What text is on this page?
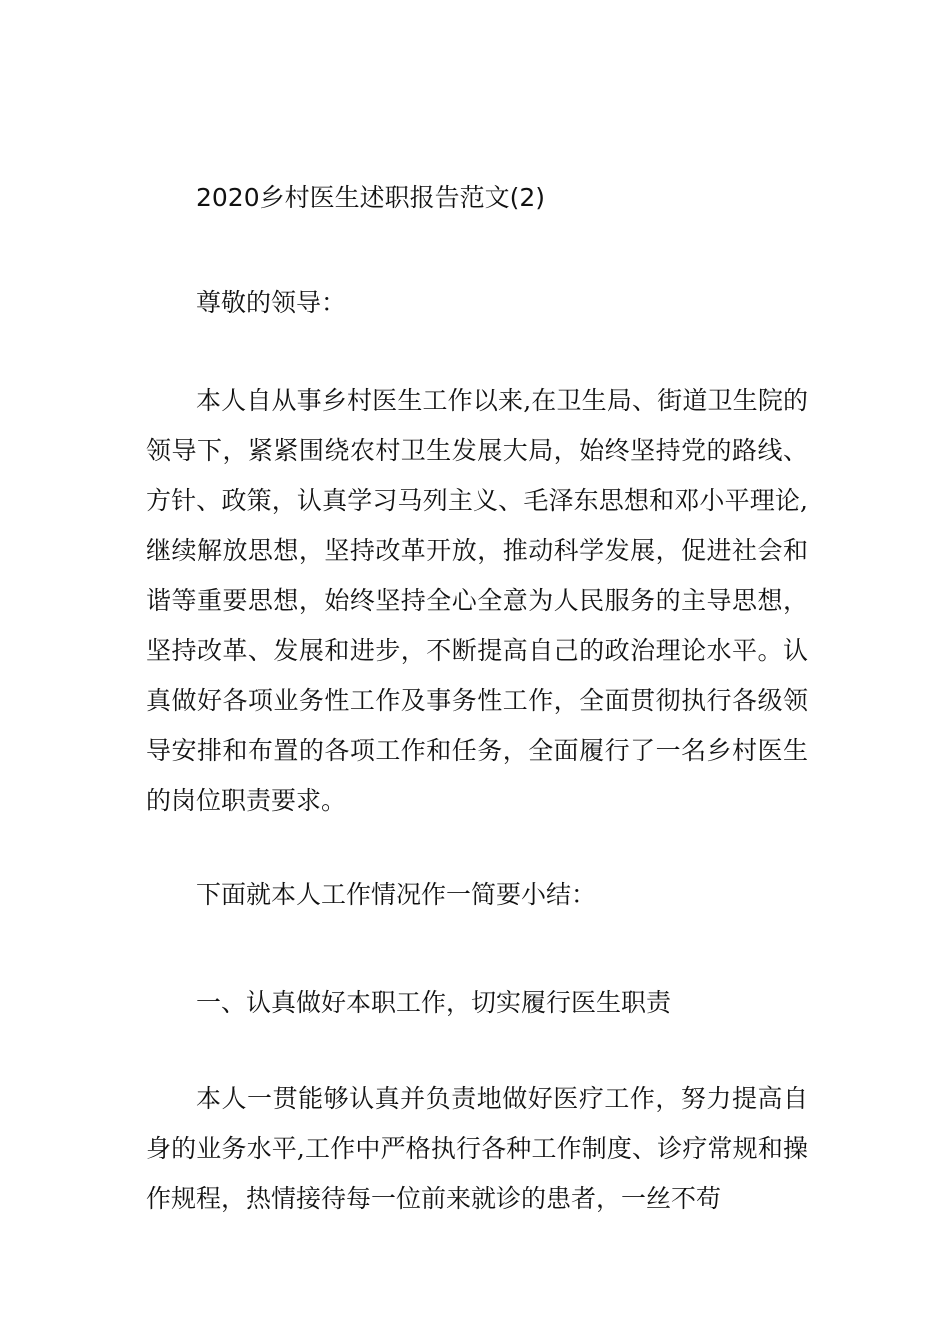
2020乡村医生述职报告范文(2)
尊敬的领导：

本人自从事乡村医生工作以来,在卫生局、街道卫生院的领导下，紧紧围绕农村卫生发展大局，始终坚持党的路线、方针、政策，认真学习马列主义、毛泽东思想和邓小平理论,继续解放思想，坚持改革开放，推动科学发展，促进社会和谐等重要思想，始终坚持全心全意为人民服务的主导思想，坚持改革、发展和进步，不断提高自己的政治理论水平。认真做好各项业务性工作及事务性工作，全面贯彻执行各级领导安排和布置的各项工作和任务，全面履行了一名乡村医生的岗位职责要求。

下面就本人工作情况作一简要小结：

一、认真做好本职工作，切实履行医生职责

本人一贯能够认真并负责地做好医疗工作，努力提高自身的业务水平,工作中严格执行各种工作制度、诊疗常规和操作规程，热情接待每一位前来就诊的患者，一丝不苟
